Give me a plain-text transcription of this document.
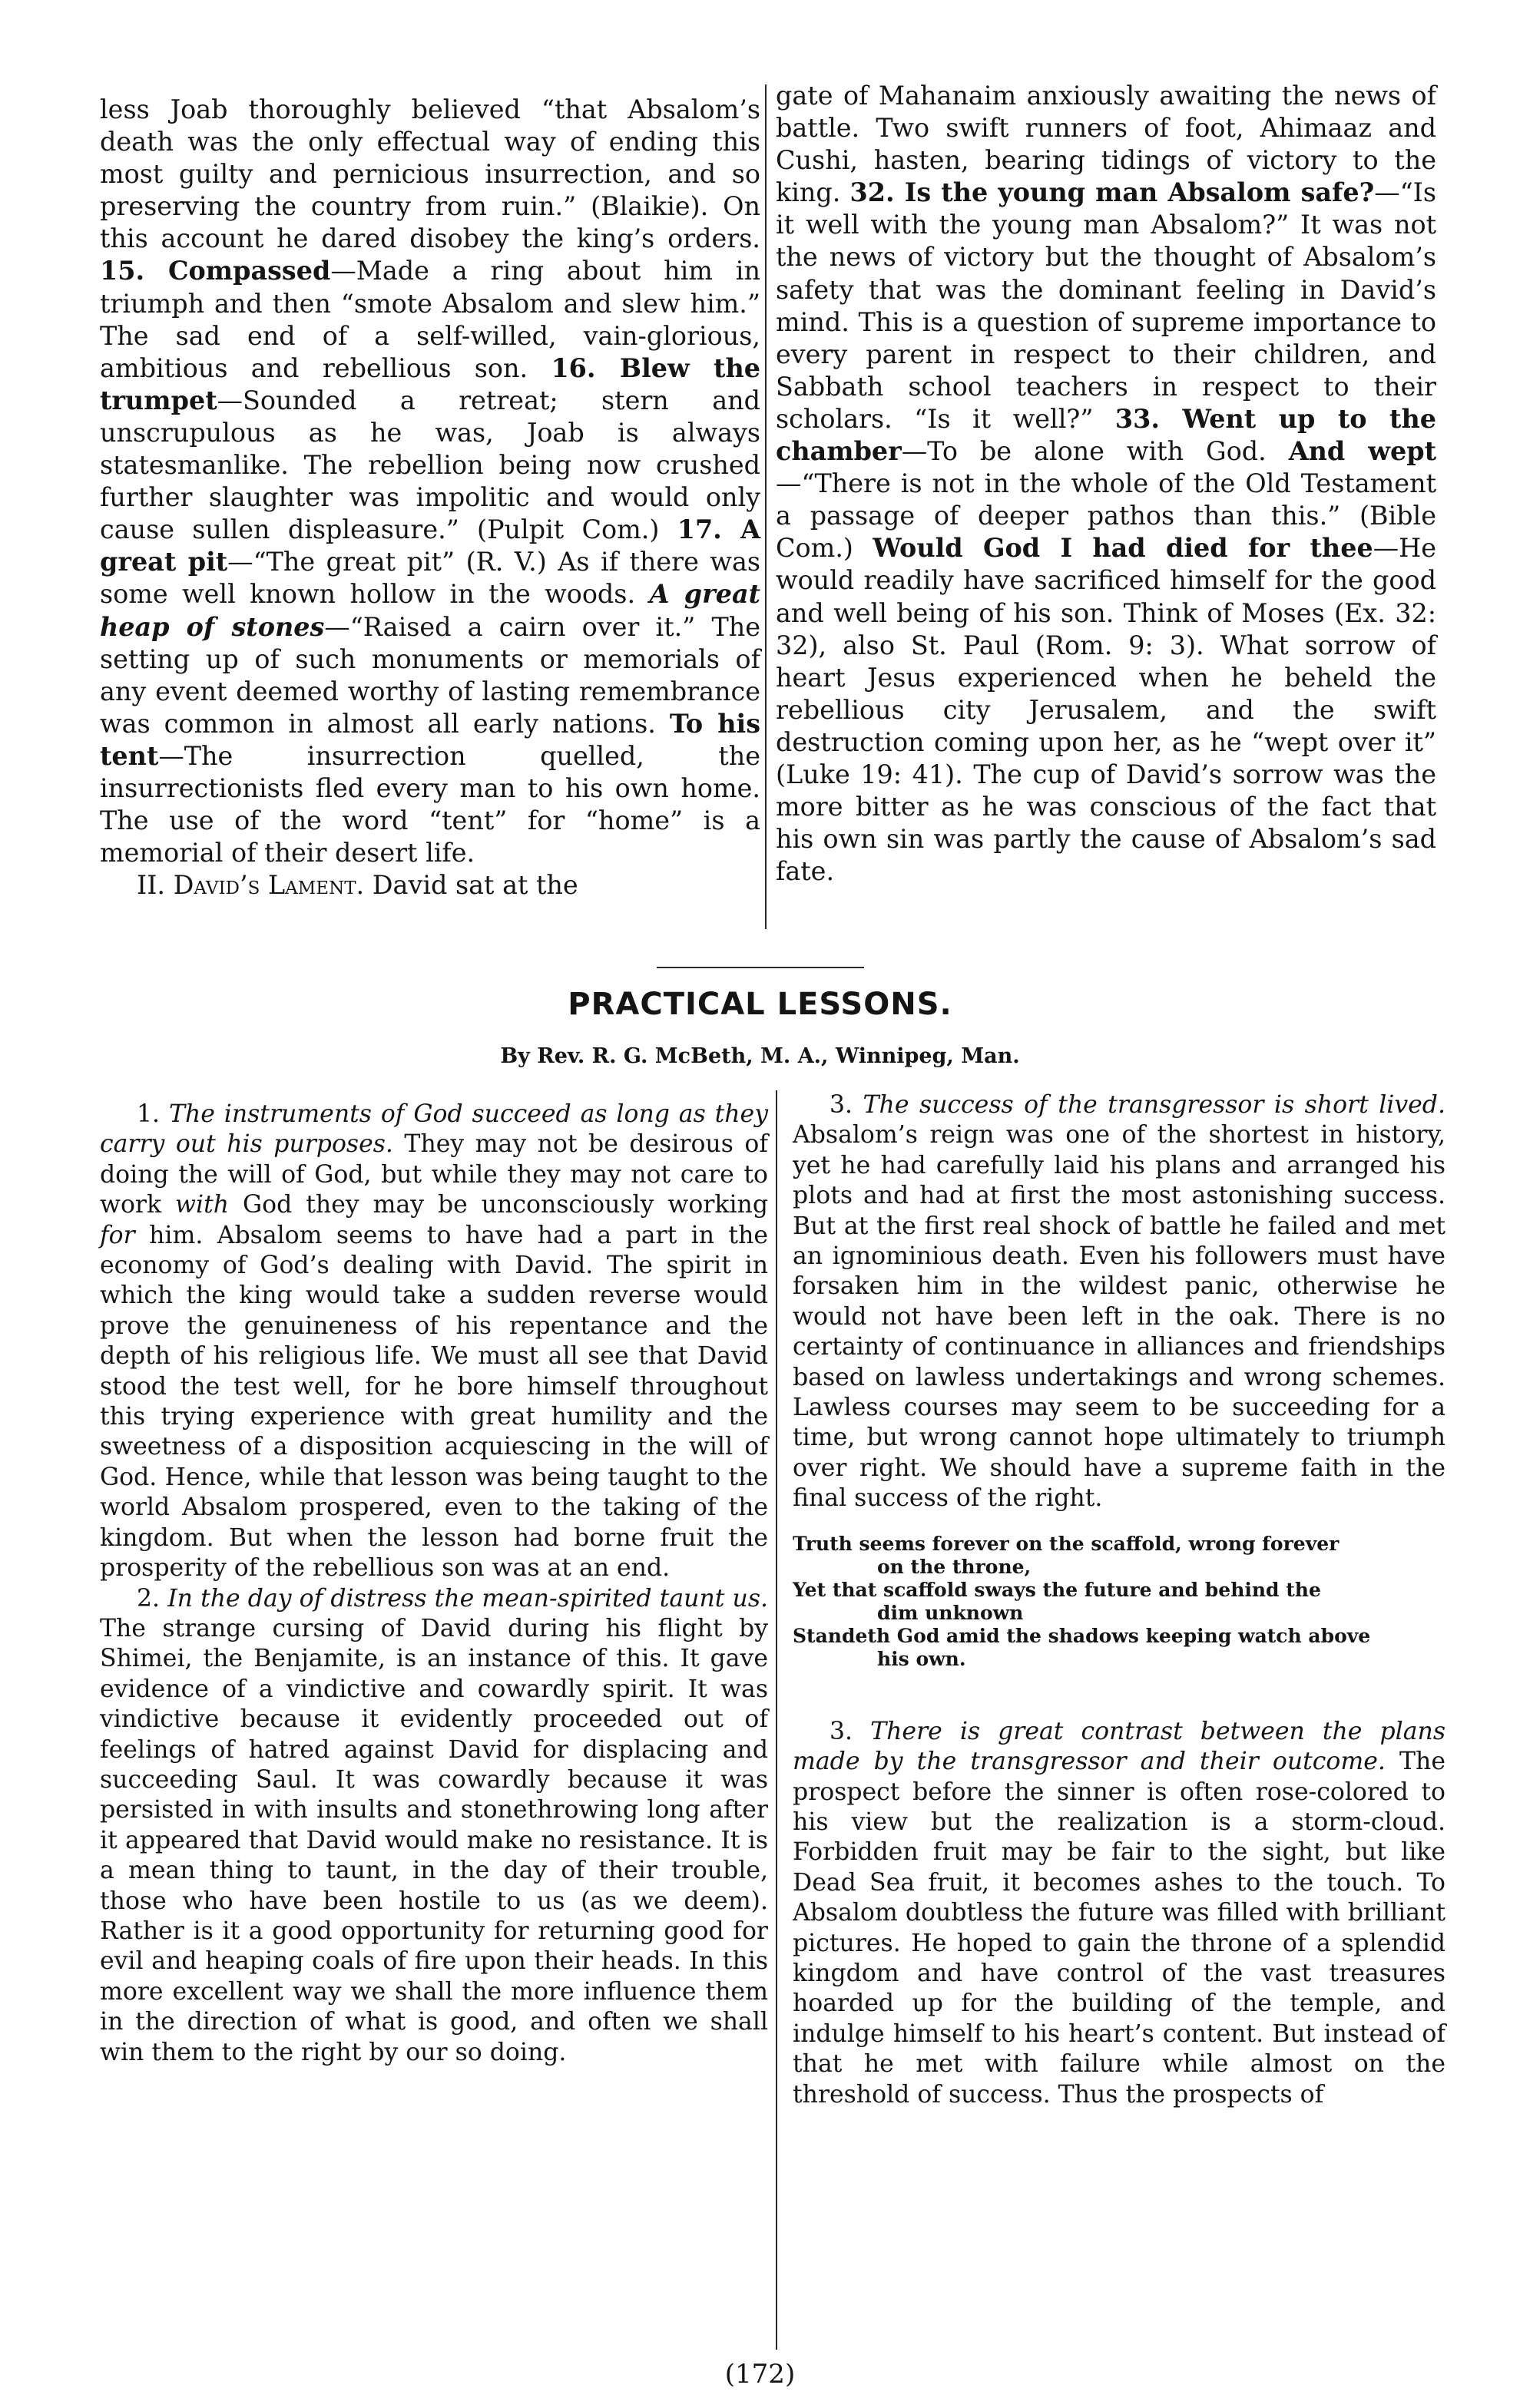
less Joab thoroughly believed “that Absalom’s death was the only effectual way of ending this most guilty and pernicious insurrection, and so preserving the country from ruin.” (Blaikie). On this account he dared disobey the king’s orders. 15. Compassed—Made a ring about him in triumph and then “smote Absalom and slew him.” The sad end of a self-willed, vain-glorious, ambitious and rebellious son. 16. Blew the trumpet—Sounded a retreat; stern and unscrupulous as he was, Joab is always statesmanlike. The rebellion being now crushed further slaughter was impolitic and would only cause sullen displeasure.” (Pulpit Com.) 17. A great pit—“The great pit” (R. V.) As if there was some well known hollow in the woods. A great heap of stones—“Raised a cairn over it.” The setting up of such monuments or memorials of any event deemed worthy of lasting remembrance was common in almost all early nations. To his tent—The insurrection quelled, the insurrectionists fled every man to his own home. The use of the word “tent” for “home” is a memorial of their desert life.

II. David’s Lament. David sat at the

gate of Mahanaim anxiously awaiting the news of battle. Two swift runners of foot, Ahimaaz and Cushi, hasten, bearing tidings of victory to the king. 32. Is the young man Absalom safe?—“Is it well with the young man Absalom?” It was not the news of victory but the thought of Absalom’s safety that was the dominant feeling in David’s mind. This is a question of supreme importance to every parent in respect to their children, and Sabbath school teachers in respect to their scholars. “Is it well?” 33. Went up to the chamber—To be alone with God. And wept—“There is not in the whole of the Old Testament a passage of deeper pathos than this.” (Bible Com.) Would God I had died for thee—He would readily have sacrificed himself for the good and well being of his son. Think of Moses (Ex. 32: 32), also St. Paul (Rom. 9: 3). What sorrow of heart Jesus experienced when he beheld the rebellious city Jerusalem, and the swift destruction coming upon her, as he “wept over it” (Luke 19: 41). The cup of David’s sorrow was the more bitter as he was conscious of the fact that his own sin was partly the cause of Absalom’s sad fate.

PRACTICAL LESSONS.
By Rev. R. G. McBeth, M. A., Winnipeg, Man.

1. The instruments of God succeed as long as they carry out his purposes. They may not be desirous of doing the will of God, but while they may not care to work with God they may be unconsciously working for him. Absalom seems to have had a part in the economy of God’s dealing with David. The spirit in which the king would take a sudden reverse would prove the genuineness of his repentance and the depth of his religious life. We must all see that David stood the test well, for he bore himself throughout this trying experience with great humility and the sweetness of a disposition acquiescing in the will of God. Hence, while that lesson was being taught to the world Absalom prospered, even to the taking of the kingdom. But when the lesson had borne fruit the prosperity of the rebellious son was at an end.

2. In the day of distress the mean-spirited taunt us. The strange cursing of David during his flight by Shimei, the Benjamite, is an instance of this. It gave evidence of a vindictive and cowardly spirit. It was vindictive because it evidently proceeded out of feelings of hatred against David for displacing and succeeding Saul. It was cowardly because it was persisted in with insults and stonethrowing long after it appeared that David would make no resistance. It is a mean thing to taunt, in the day of their trouble, those who have been hostile to us (as we deem). Rather is it a good opportunity for returning good for evil and heaping coals of fire upon their heads. In this more excellent way we shall the more influence them in the direction of what is good, and often we shall win them to the right by our so doing.

3. The success of the transgressor is short lived. Absalom’s reign was one of the shortest in history, yet he had carefully laid his plans and arranged his plots and had at first the most astonishing success. But at the first real shock of battle he failed and met an ignominious death. Even his followers must have forsaken him in the wildest panic, otherwise he would not have been left in the oak. There is no certainty of continuance in alliances and friendships based on lawless undertakings and wrong schemes. Lawless courses may seem to be succeeding for a time, but wrong cannot hope ultimately to triumph over right. We should have a supreme faith in the final success of the right.

Truth seems forever on the scaffold, wrong forever
on the throne,
Yet that scaffold sways the future and behind the
dim unknown
Standeth God amid the shadows keeping watch above
his own.

3. There is great contrast between the plans made by the transgressor and their outcome. The prospect before the sinner is often rose-colored to his view but the realization is a storm-cloud. Forbidden fruit may be fair to the sight, but like Dead Sea fruit, it becomes ashes to the touch. To Absalom doubtless the future was filled with brilliant pictures. He hoped to gain the throne of a splendid kingdom and have control of the vast treasures hoarded up for the building of the temple, and indulge himself to his heart’s content. But instead of that he met with failure while almost on the threshold of success. Thus the prospects of

(172)
